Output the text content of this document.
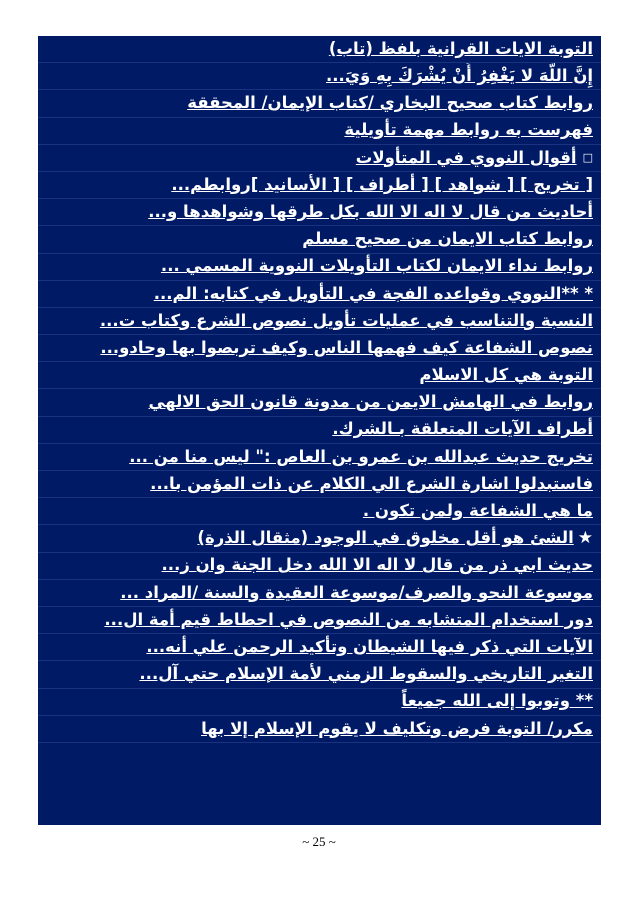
التوبة الايات القرانية بلفظ (تاب)
إِنَّ اللَّهَ لا يَغْفِرُ أَنْ يُشْرَكَ بِهِ وَيَ...
روابط كتاب صحيح البخاري /كتاب الإيمان/ المحققة
فهرست به روابط مهمة تأويلية
□
أقوال النووي في المتأولات
[ تخريج ] [ شواهد ] [ أطراف ] [ الأسانيد ]روابطم...
أحاديث من قال لا اله الا الله بكل طرقها وشواهدها و...
روابط كتاب الايمان من صحيح مسلم
روابط نداء الايمان لكتاب التأويلات النووية المسمي ...
* **النووي وقواعده الفجة في التأويل في كتابه: الم...
النسبة والتناسب في عمليات تأويل نصوص الشرع وكتاب ت...
نصوص الشفاعة كيف فهمها الناس وكيف تربصوا بها وحادو...
التوبة هي كل الاسلام
روابط في الهامش الايمن من مدونة قانون الحق الالهي
أطراف الآيات المتعلقة بـالشرك.
تخريج حديث عبدالله بن عمرو بن العاص :" ليس منا من ...
فاستبدلوا اشارة الشرع الي الكلام عن ذات المؤمن با...
ما هي الشفاعة ولمن تكون .
★
الشئ هو أقل مخلوق في الوجود (مثقال الذرة)
حديث ابي ذر من قال لا اله الا الله دخل الجنة وان ز...
موسوعة النحو والصرف/موسوعة العقيدة والسنة /المراد ...
دور استخدام المتشابه من النصوص في احطاط قيم أمة ال...
الآيات التي ذكر فيها الشيطان وتأكيد الرحمن علي أنه...
التغير التاريخي والسقوط الزمني لأمة الإسلام حتي آل...
** وتوبوا إلى الله جميعاً
مكرر/ التوبة فرض وتكليف لا يقوم الإسلام إلا بها
~ 25 ~
